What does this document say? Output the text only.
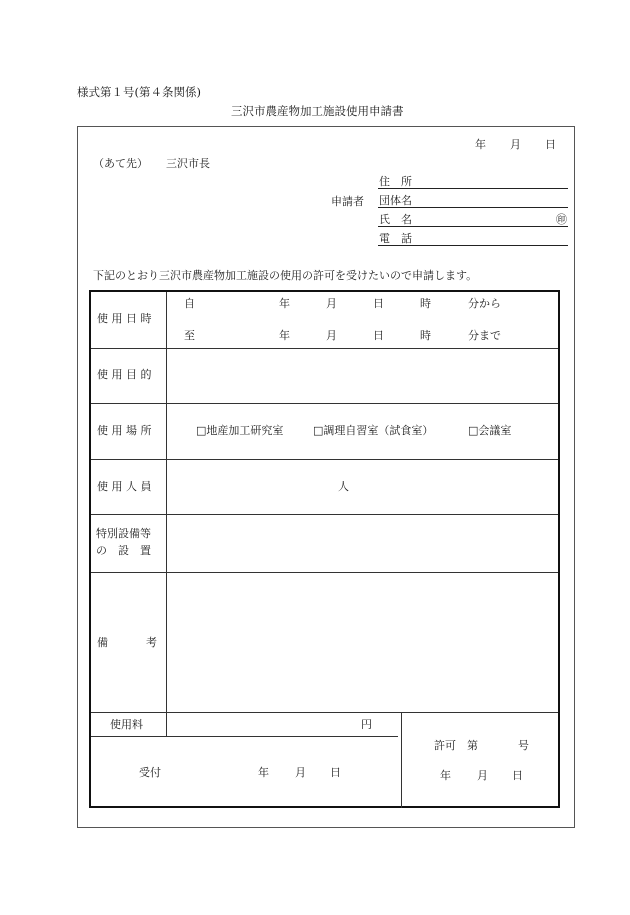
様式第１号(第４条関係)
三沢市農産物加工施設使用申請書
年 月 日
（あて先） 三沢市長
申請者
住　所
団体名
氏　名	㊞
電　話
下記のとおり三沢市農産物加工施設の使用の許可を受けたいので申請します。
使 用 日 時
自	年	月	日	時	分から
至	年	月	日	時	分まで
使 用 目 的
使 用 場 所	□地産加工研究室	□調理自習室（試食室）	□会議室
使 用 人 員	人
特別設備等
の　設　置
備	考
使用料	円
受付	年 月 日
許可　第	号
年 月 日
